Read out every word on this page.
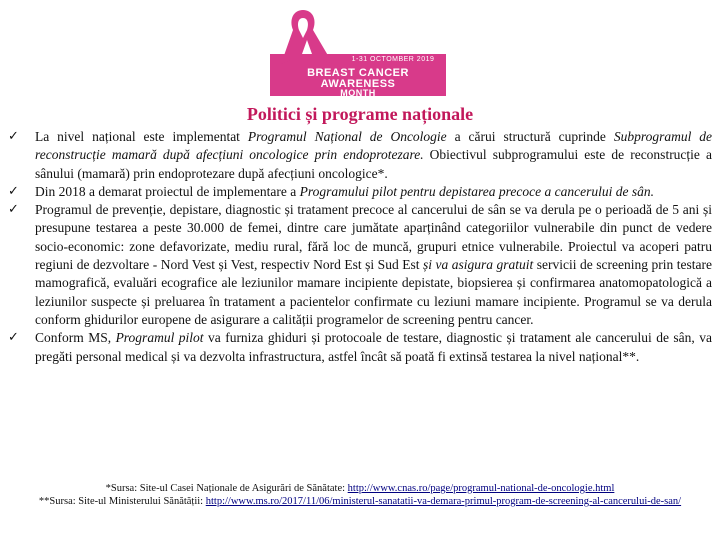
1-31 OCTOMBER 2019
BREAST CANCER
AWARENESS
MONTH
Politici și programe naționale
✓ La nivel național este implementat Programul Național de Oncologie a cărui structură cuprinde Subprogramul de reconstrucție mamară după afecțiuni oncologice prin endoprotezare. Obiectivul subprogramului este de reconstrucție a sânului (mamară) prin endoprotezare după afecțiuni oncologice*.
✓ Din 2018 a demarat proiectul de implementare a Programului pilot pentru depistarea precoce a cancerului de sân.
✓ Programul de prevenție, depistare, diagnostic și tratament precoce al cancerului de sân se va derula pe o perioadă de 5 ani și presupune testarea a peste 30.000 de femei, dintre care jumătate aparținând categoriilor vulnerabile din punct de vedere socio-economic: zone defavorizate, mediu rural, fără loc de muncă, grupuri etnice vulnerabile. Proiectul va acoperi patru regiuni de dezvoltare - Nord Vest și Vest, respectiv Nord Est și Sud Est și va asigura gratuit servicii de screening prin testare mamografică, evaluări ecografice ale leziunilor mamare incipiente depistate, biopsierea și confirmarea anatomopatologică a leziunilor suspecte și preluarea în tratament a pacientelor confirmate cu leziuni mamare incipiente. Programul se va derula conform ghidurilor europene de asigurare a calității programelor de screening pentru cancer.
✓ Conform MS, Programul pilot va furniza ghiduri și protocoale de testare, diagnostic și tratament ale cancerului de sân, va pregăti personal medical și va dezvolta infrastructura, astfel încât să poată fi extinsă testarea la nivel național**.
*Sursa: Site-ul Casei Naționale de Asigurări de Sănătate: http://www.cnas.ro/page/programul-national-de-oncologie.html
**Sursa: Site-ul Ministerului Sănătății: http://www.ms.ro/2017/11/06/ministerul-sanatatii-va-demara-primul-program-de-screening-al-cancerului-de-san/
